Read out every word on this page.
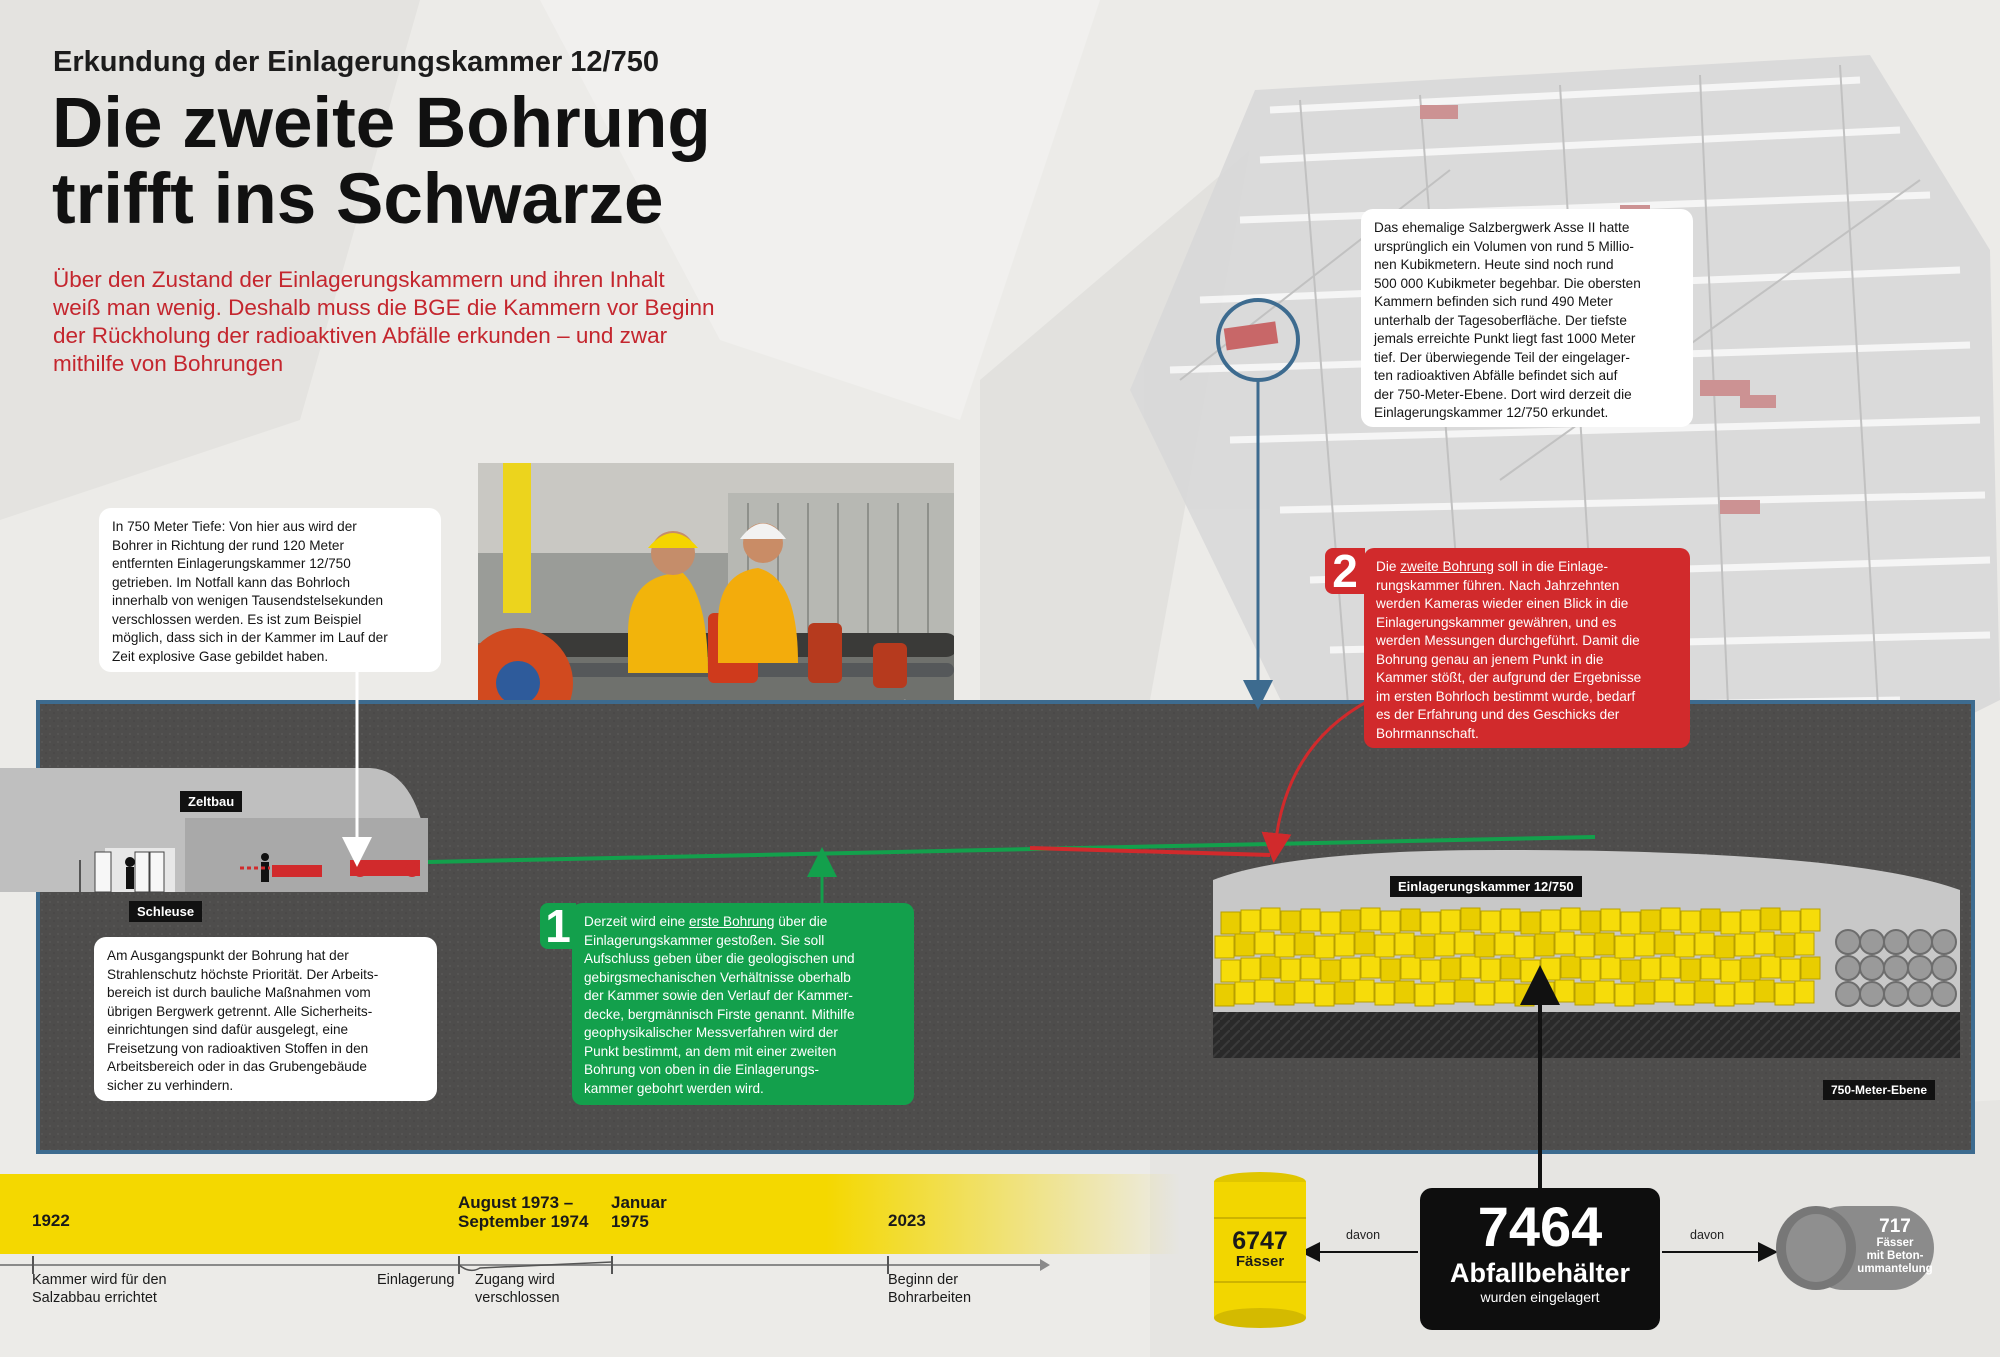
Erkundung der Einlagerungskammer 12/750
Die zweite Bohrung
trifft ins Schwarze
Über den Zustand der Einlagerungskammern und ihren Inhalt
weiß man wenig. Deshalb muss die BGE die Kammern vor Beginn
der Rückholung der radioaktiven Abfälle erkunden – und zwar
mithilfe von Bohrungen
Zeltbau
Schleuse
Einlagerungskammer 12/750
750-Meter-Ebene
In 750 Meter Tiefe: Von hier aus wird der
Bohrer in Richtung der rund 120 Meter
entfernten Einlagerungskammer 12/750
getrieben. Im Notfall kann das Bohrloch
innerhalb von wenigen Tausendstelsekunden
verschlossen werden. Es ist zum Beispiel
möglich, dass sich in der Kammer im Lauf der
Zeit explosive Gase gebildet haben.
Am Ausgangspunkt der Bohrung hat der
Strahlenschutz höchste Priorität. Der Arbeits-
bereich ist durch bauliche Maßnahmen vom
übrigen Bergwerk getrennt. Alle Sicherheits-
einrichtungen sind dafür ausgelegt, eine
Freisetzung von radioaktiven Stoffen in den
Arbeitsbereich oder in das Grubengebäude
sicher zu verhindern.
Das ehemalige Salzbergwerk Asse II hatte
ursprünglich ein Volumen von rund 5 Millio-
nen Kubikmetern. Heute sind noch rund
500 000 Kubikmeter begehbar. Die obersten
Kammern befinden sich rund 490 Meter
unterhalb der Tagesoberfläche. Der tiefste
jemals erreichte Punkt liegt fast 1000 Meter
tief. Der überwiegende Teil der eingelager-
ten radioaktiven Abfälle befindet sich auf
der 750-Meter-Ebene. Dort wird derzeit die
Einlagerungskammer 12/750 erkundet.
Die zweite Bohrung soll in die Einlage-
rungskammer führen. Nach Jahrzehnten
werden Kameras wieder einen Blick in die
Einlagerungskammer gewähren, und es
werden Messungen durchgeführt. Damit die
Bohrung genau an jenem Punkt in die
Kammer stößt, der aufgrund der Ergebnisse
im ersten Bohrloch bestimmt wurde, bedarf
es der Erfahrung und des Geschicks der
Bohrmannschaft.
2
Derzeit wird eine erste Bohrung über die
Einlagerungskammer gestoßen. Sie soll
Aufschluss geben über die geologischen und
gebirgsmechanischen Verhältnisse oberhalb
der Kammer sowie den Verlauf der Kammer-
decke, bergmännisch Firste genannt. Mithilfe
geophysikalischer Messverfahren wird der
Punkt bestimmt, an dem mit einer zweiten
Bohrung von oben in die Einlagerungs-
kammer gebohrt werden wird.
1
1922
Kammer wird für den
Salzabbau errichtet
August 1973 –
September 1974
Einlagerung
Januar
1975
Zugang wird
verschlossen
2023
Beginn der
Bohrarbeiten
6747
Fässer
davon	davon
7464
Abfallbehälter
wurden eingelagert
717
Fässer
mit Beton-
ummantelung
